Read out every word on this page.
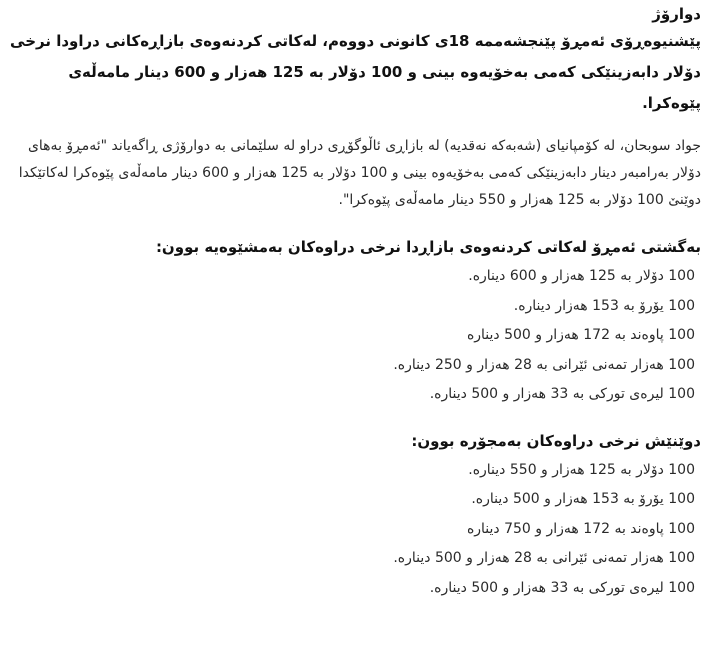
دوارۆژ

پێشنیوەڕۆی ئەمڕۆ پێنجشەممە 18ی کانونی دووەم، لەکاتی کردنەوەی بازاڕەکانی دراودا نرخی دۆلار دابەزینێکی کەمی بەخۆیەوە بینی و 100 دۆلار بە 125 هەزار و 600 دینار مامەڵەی پێوەکرا.

جواد سوبحان، لە کۆمپانیای (شەبەکە نەقدیە) لە بازاڕی ئاڵوگۆڕی دراو لە سلێمانی بە دوارۆژی ڕاگەیاند "ئەمڕۆ بەهای دۆلار بەرامبەر دینار دابەزینێکی کەمی بەخۆیەوە بینی و 100 دۆلار بە 125 هەزار و 600 دینار مامەڵەی پێوەکرا لەکاتێکدا دوێنێ 100 دۆلار بە 125 هەزار و 550 دینار مامەڵەی پێوەکرا".

بەگشتی ئەمڕۆ لەکاتی کردنەوەی بازاڕدا نرخی دراوەکان بەمشێوەیە بوون:

100 دۆلار بە 125 هەزار و 600 دینارە.
100 یۆرۆ بە 153 هەزار دینارە.
100 پاوەند بە 172 هەزار و 500 دینارە
100 هەزار تمەنی ئێرانی بە 28 هەزار و 250 دینارە.
100 لیرەی تورکی بە 33 هەزار و 500 دینارە.

دوێنێش نرخی دراوەکان بەمجۆرە بوون:

100 دۆلار بە 125 هەزار و 550 دینارە.
100 یۆرۆ بە 153 هەزار و 500 دینارە.
100 پاوەند بە 172 هەزار و 750 دینارە
100 هەزار تمەنی ئێرانی بە 28 هەزار و 500 دینارە.
100 لیرەی تورکی بە 33 هەزار و 500 دینارە.
